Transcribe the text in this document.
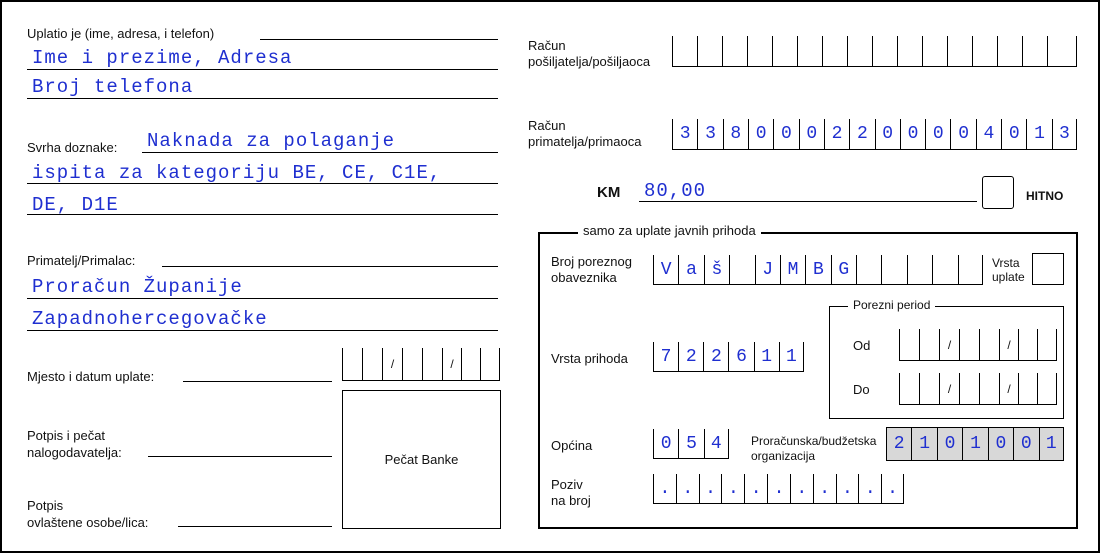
Uplatio je (ime, adresa, i telefon)
Ime i prezime, Adresa
Broj telefona
Svrha doznake: Naknada za polaganje
ispita za kategoriju BE, CE, C1E,
DE, D1E
Primatelj/Primalac:
Proračun Županije
Zapadnohercegovačke
Mjesto i datum uplate:
/	/
Potpis i pečat
nalogodavatelja:	Pečat Banke
Potpis
ovlaštene osobe/lica:
Račun
pošiljatelja/pošiljaoca
Račun
primatelja/primaoca	3 3 8 0 0 0 2 2 0 0 0 0 4 0 1 3
KM 80,00	HITNO
samo za uplate javnih prihoda
Broj poreznog
obaveznika	V a š	J M B G	Vrsta
uplate
Porezni period
Od	/	/
Do	/	/
Vrsta prihoda	7 2 2 6 1 1
Općina	0 5 4	Proračunska/budžetska
organizacija
2 1 0 1 0 0 1
Poziv
na broj
. . . . . . . . . . .
